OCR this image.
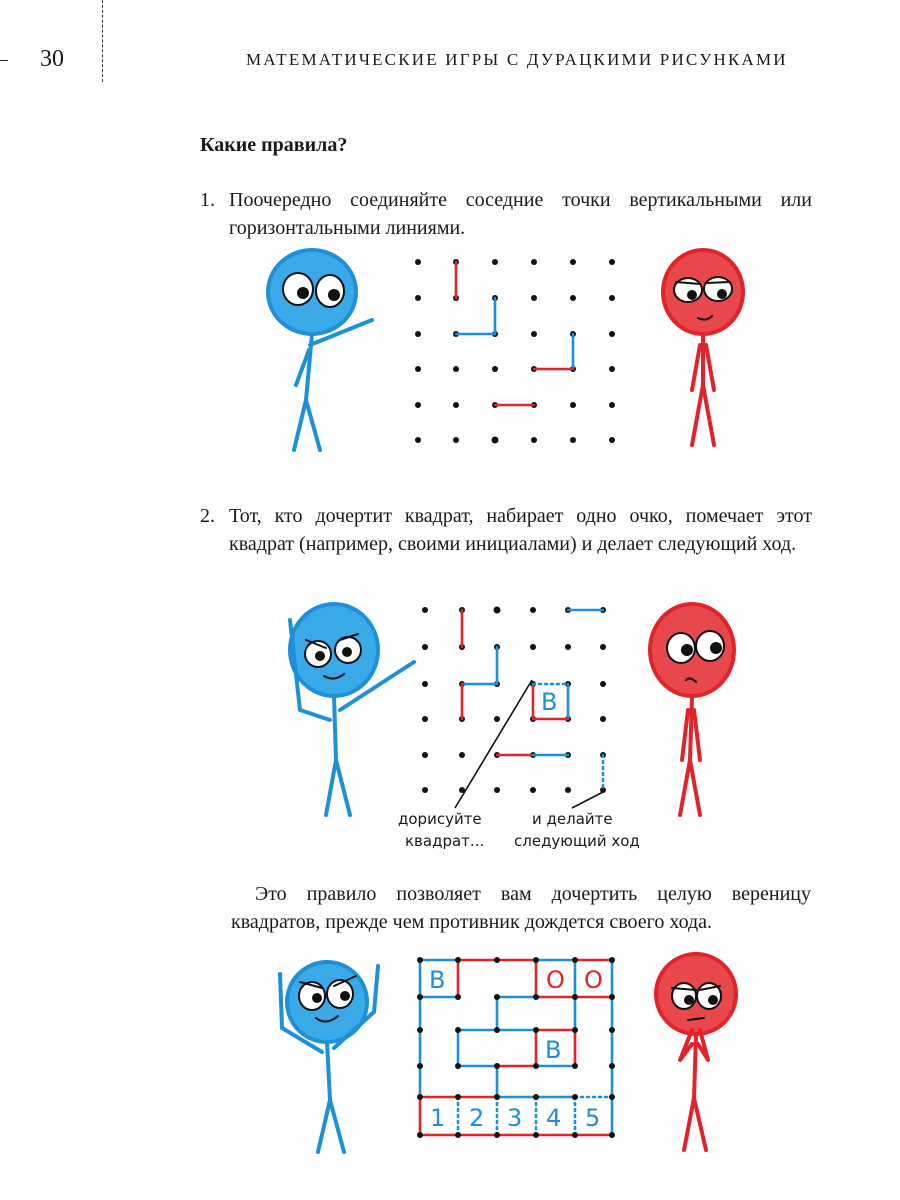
30	МАТЕМАТИЧЕСКИЕ ИГРЫ С ДУРАЦКИМИ РИСУНКАМИ
Какие правила?
1. Поочередно соединяйте соседние точки вертикальными или горизонтальными линиями.
2. Тот, кто дочертит квадрат, набирает одно очко, помечает этот квадрат (например, своими инициалами) и делает следующий ход.
Это правило позволяет вам дочертить целую вереницу квадратов, прежде чем противник дождется своего хода.
B
дорисуйте
квадрат...
и делайте
следующий ход
B	O O
B
1 2 3 4 5
